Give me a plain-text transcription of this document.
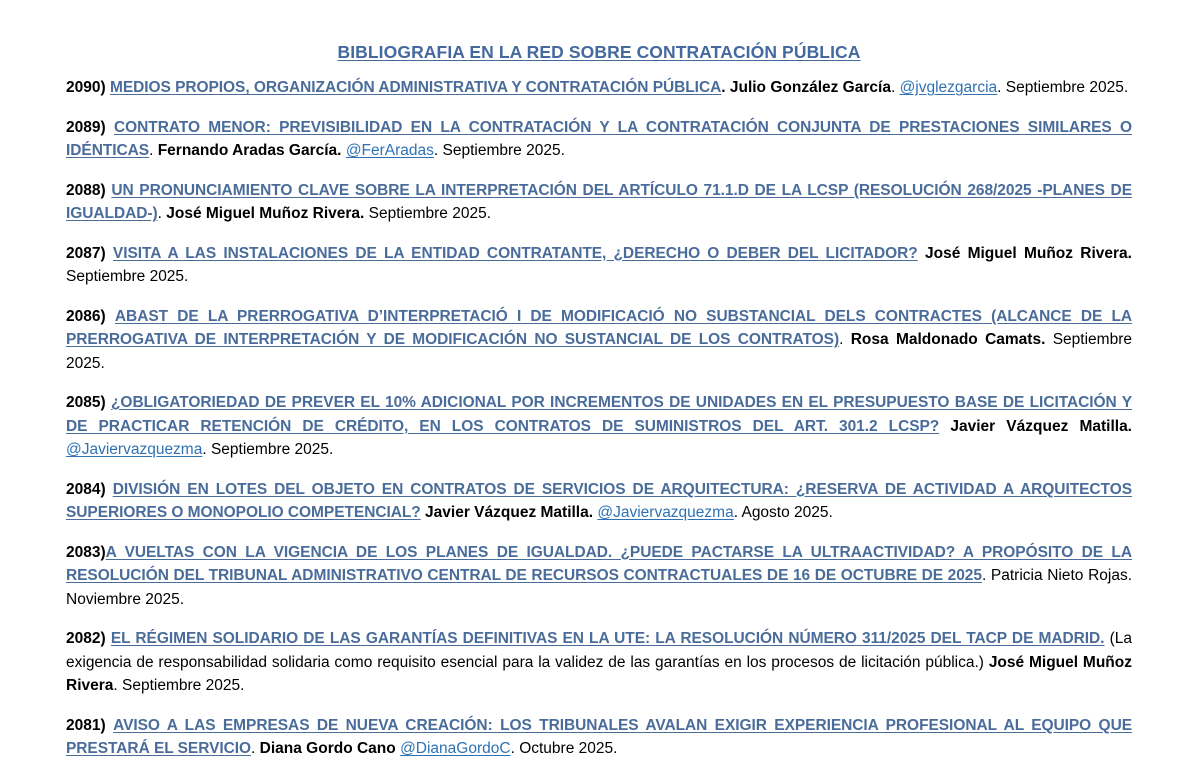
BIBLIOGRAFIA EN LA RED SOBRE CONTRATACIÓN PÚBLICA
2090) MEDIOS PROPIOS, ORGANIZACIÓN ADMINISTRATIVA Y CONTRATACIÓN PÚBLICA. Julio González García. @jvglezgarcia. Septiembre 2025.
2089) CONTRATO MENOR: PREVISIBILIDAD EN LA CONTRATACIÓN Y LA CONTRATACIÓN CONJUNTA DE PRESTACIONES SIMILARES O IDÉNTICAS. Fernando Aradas García. @FerAradas. Septiembre 2025.
2088) UN PRONUNCIAMIENTO CLAVE SOBRE LA INTERPRETACIÓN DEL ARTÍCULO 71.1.D DE LA LCSP (RESOLUCIÓN 268/2025 -PLANES DE IGUALDAD-). José Miguel Muñoz Rivera. Septiembre 2025.
2087) VISITA A LAS INSTALACIONES DE LA ENTIDAD CONTRATANTE, ¿DERECHO O DEBER DEL LICITADOR? José Miguel Muñoz Rivera. Septiembre 2025.
2086) ABAST DE LA PRERROGATIVA D’INTERPRETACIÓ I DE MODIFICACIÓ NO SUBSTANCIAL DELS CONTRACTES (ALCANCE DE LA PRERROGATIVA DE INTERPRETACIÓN Y DE MODIFICACIÓN NO SUSTANCIAL DE LOS CONTRATOS). Rosa Maldonado Camats. Septiembre 2025.
2085) ¿OBLIGATORIEDAD DE PREVER EL 10% ADICIONAL POR INCREMENTOS DE UNIDADES EN EL PRESUPUESTO BASE DE LICITACIÓN Y DE PRACTICAR RETENCIÓN DE CRÉDITO, EN LOS CONTRATOS DE SUMINISTROS DEL ART. 301.2 LCSP? Javier Vázquez Matilla. @Javiervazquezma. Septiembre 2025.
2084) DIVISIÓN EN LOTES DEL OBJETO EN CONTRATOS DE SERVICIOS DE ARQUITECTURA: ¿RESERVA DE ACTIVIDAD A ARQUITECTOS SUPERIORES O MONOPOLIO COMPETENCIAL? Javier Vázquez Matilla. @Javiervazquezma. Agosto 2025.
2083)A VUELTAS CON LA VIGENCIA DE LOS PLANES DE IGUALDAD. ¿PUEDE PACTARSE LA ULTRAACTIVIDAD? A PROPÓSITO DE LA RESOLUCIÓN DEL TRIBUNAL ADMINISTRATIVO CENTRAL DE RECURSOS CONTRACTUALES DE 16 DE OCTUBRE DE 2025. Patricia Nieto Rojas. Noviembre 2025.
2082) EL RÉGIMEN SOLIDARIO DE LAS GARANTÍAS DEFINITIVAS EN LA UTE: LA RESOLUCIÓN NÚMERO 311/2025 DEL TACP DE MADRID. (La exigencia de responsabilidad solidaria como requisito esencial para la validez de las garantías en los procesos de licitación pública.) José Miguel Muñoz Rivera. Septiembre 2025.
2081) AVISO A LAS EMPRESAS DE NUEVA CREACIÓN: LOS TRIBUNALES AVALAN EXIGIR EXPERIENCIA PROFESIONAL AL EQUIPO QUE PRESTARÁ EL SERVICIO. Diana Gordo Cano @DianaGordoC. Octubre 2025.
